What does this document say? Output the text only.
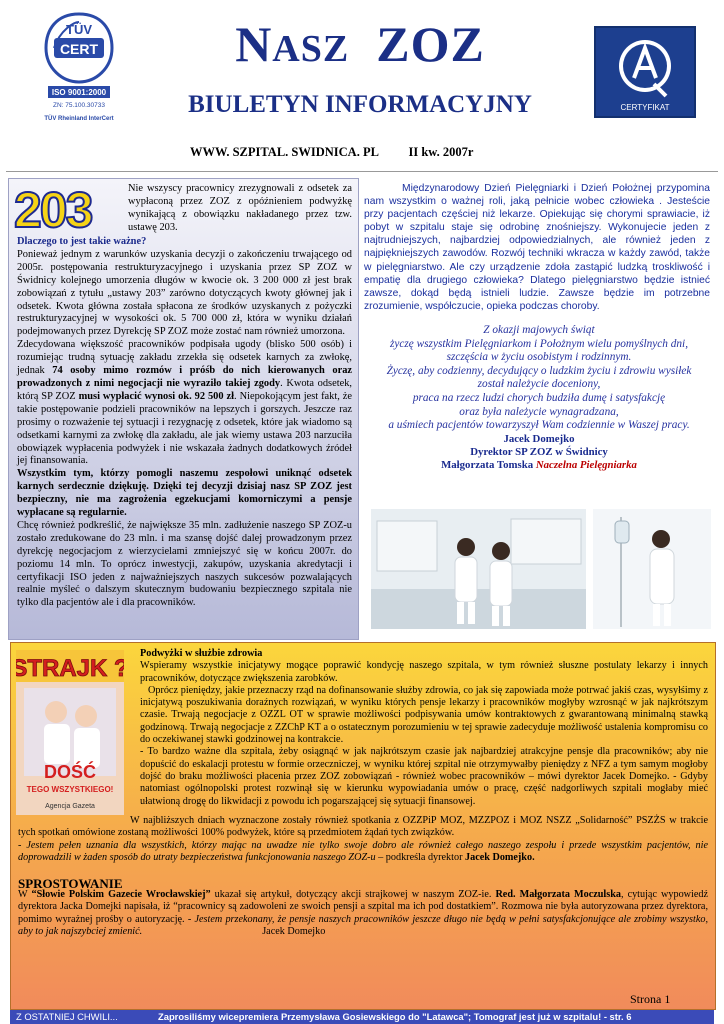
CERT
TÜV
ISO 9001:2000
ZN: 75.100.30733
TÜV Rheinland InterCert
NASZ ZOZ
BIULETYN INFORMACYJNY	CERTYFIKAT
WWW. SZPITAL. SWIDNICA. PL II kw. 2007r
203	Nie wszyscy pracownicy zrezygnowali z odsetek za wypłaconą przez ZOZ z opóźnieniem podwyżkę wynikającą z obowiązku nakładanego przez tzw. ustawę 203.
Dlaczego to jest takie ważne?
Ponieważ jednym z warunków uzyskania decyzji o zakończeniu trwającego od 2005r. postępowania restrukturyzacyjnego i uzyskania przez SP ZOZ w Świdnicy kolejnego umorzenia długów w kwocie ok. 3 200 000 zł jest brak zobowiązań z tytułu „ustawy 203” zarówno dotyczących kwoty głównej jak i odsetek. Kwota główna została spłacona ze środków uzyskanych z pożyczki restrukturyzacyjnej w wysokości ok. 5 700 000 zł, która w wyniku działań podejmowanych przez Dyrekcję SP ZOZ może zostać nam również umorzona.
Zdecydowana większość pracowników podpisała ugody (blisko 500 osób) i rozumiejąc trudną sytuację zakładu zrzekła się odsetek karnych za zwłokę, jednak 74 osoby mimo rozmów i próśb do nich kierowanych oraz prowadzonych z nimi negocjacji nie wyraziło takiej zgody. Kwota odsetek, którą SP ZOZ musi wypłacić wynosi ok. 92 500 zł. Niepokojącym jest fakt, że takie postępowanie podzieli pracowników na lepszych i gorszych. Jeszcze raz prosimy o rozważenie tej sytuacji i rezygnację z odsetek, które jak wiadomo są odsetkami karnymi za zwłokę dla zakładu, ale jak wiemy ustawa 203 narzuciła obowiązek wypłacenia podwyżek i nie wskazała żadnych dodatkowych źródeł jej finansowania.
Wszystkim tym, którzy pomogli naszemu zespołowi uniknąć odsetek karnych serdecznie dziękuję. Dzięki tej decyzji dzisiaj nasz SP ZOZ jest bezpieczny, nie ma zagrożenia egzekucjami komorniczymi a pensje wypłacane są regularnie.
Chcę również podkreślić, że największe 35 mln. zadłużenie naszego SP ZOZ-u zostało zredukowane do 23 mln. i ma szansę dojść dalej prowadzonym przez dyrekcję negocjacjom z wierzycielami zmniejszyć się w końcu 2007r. do poziomu 14 mln. To oprócz inwestycji, zakupów, uzyskania akredytacji i certyfikacji ISO jeden z najważniejszych naszych sukcesów pozwalających realnie myśleć o dalszym skutecznym budowaniu bezpiecznego szpitala nie tylko dla pacjentów ale i dla pracowników.
Międzynarodowy Dzień Pielęgniarki i Dzień Położnej przypomina nam wszystkim o ważnej roli, jaką pełnicie wobec człowieka . Jesteście przy pacjentach częściej niż lekarze. Opiekując się chorymi sprawiacie, iż pobyt w szpitalu staje się odrobinę znośniejszy. Wykonujecie jeden z najtrudniejszych, najbardziej odpowiedzialnych, ale również jeden z najpiękniejszych zawodów. Rozwój techniki wkracza w każdy zawód, także w pielęgniarstwo. Ale czy urządzenie zdoła zastąpić ludzką troskliwość i empatię dla drugiego człowieka? Dlatego pielęgniarstwo będzie istnieć zawsze, dokąd będą istnieli ludzie. Zawsze będzie im potrzebne zrozumienie, współczucie, opieka podczas choroby.
Z okazji majowych świąt
życzę wszystkim Pielęgniarkom i Położnym wielu pomyślnych dni,
szczęścia w życiu osobistym i rodzinnym.
Życzę, aby codzienny, decydujący o ludzkim życiu i zdrowiu wysiłek
został należycie doceniony,
praca na rzecz ludzi chorych budziła dumę i satysfakcję
oraz była należycie wynagradzana,
a uśmiech pacjentów towarzyszył Wam codziennie w Waszej pracy.
Jacek Domejko
Dyrektor SP ZOZ w Świdnicy
Małgorzata Tomska Naczelna Pielęgniarka
STRAJK ?
DOŚĆ
TEGO WSZYSTKIEGO!
Agencja Gazeta
Podwyżki w służbie zdrowia
Wspieramy wszystkie inicjatywy mogące poprawić kondycję naszego szpitala, w tym również słuszne postulaty lekarzy i innych pracowników, dotyczące zwiększenia zarobków.
Oprócz pieniędzy, jakie przeznaczy rząd na dofinansowanie służby zdrowia, co jak się zapowiada może potrwać jakiś czas, wysyłśimy z inicjatywą poszukiwania doraźnych rozwiązań, w wyniku których pensje lekarzy i pracowników mogłyby wzrosnąć w jak najkrótszym czasie. Trwają negocjacje z OZZL OT w sprawie możliwości podpisywania umów kontraktowych z gwarantowaną minimalną stawką godzinową. Trwają negocjacje z ZZChP KT a o ostatecznym porozumieniu w tej sprawie zadecyduje możliwość ustalenia kompromisu co do oczekiwanej stawki godzinowej na kontrakcie.
- To bardzo ważne dla szpitala, żeby osiągnąć w jak najkrótszym czasie jak najbardziej atrakcyjne pensje dla pracowników; aby nie dopuścić do eskalacji protestu w formie orzeczniczej, w wyniku której szpital nie otrzymywałby pieniędzy z NFZ a tym samym mogłoby dojść do braku możliwości płacenia przez ZOZ zobowiązań - również wobec pracowników – mówi dyrektor Jacek Domejko. - Gdyby natomiast ogólnopolski protest rozwinął się w kierunku wypowiadania umów o pracę, część nadgorliwych szpitali mogłaby mieć ułatwioną drogę do likwidacji z powodu ich pogarszającej się sytuacji finansowej.
W najbliższych dniach wyznaczone zostały również spotkania z OZZPiP MOZ, MZZPOZ i MOZ NSZZ „Solidarność” PSZŻS w trakcie tych spotkań omówione zostaną możliwości 100% podwyżek, które są przedmiotem żądań tych związków.
- Jestem pełen uznania dla wszystkich, którzy mając na uwadze nie tylko swoje dobro ale również całego naszego zespołu i przede wszystkim pacjentów, nie doprowadzili w żaden sposób do utraty bezpieczeństwa funkcjonowania naszego ZOZ-u – podkreśla dyrektor Jacek Domejko.
SPROSTOWANIE
W “Słowie Polskim Gazecie Wrocławskiej” ukazał się artykuł, dotyczący akcji strajkowej w naszym ZOZ-ie. Red. Małgorzata Moczulska, cytując wypowiedź dyrektora Jacka Domejki napisała, iż “pracownicy są zadowoleni ze swoich pensji a szpital ma ich pod dostatkiem”. Rozmowa nie była autoryzowana przez dyrektora, pomimo wyrażnej prośby o autoryzację. - Jestem przekonany, że pensje naszych pracowników jeszcze długo nie będą w pełni satysfakcjonujące ale zrobimy wszystko, aby to jak najszybciej zmienić.	Jacek Domejko
Strona 1
Z OSTATNIEJ CHWILI...	Zaprosiliśmy wicepremiera Przemysława Gosiewskiego do "Latawca"; Tomograf jest już w szpitalu! - str. 6
